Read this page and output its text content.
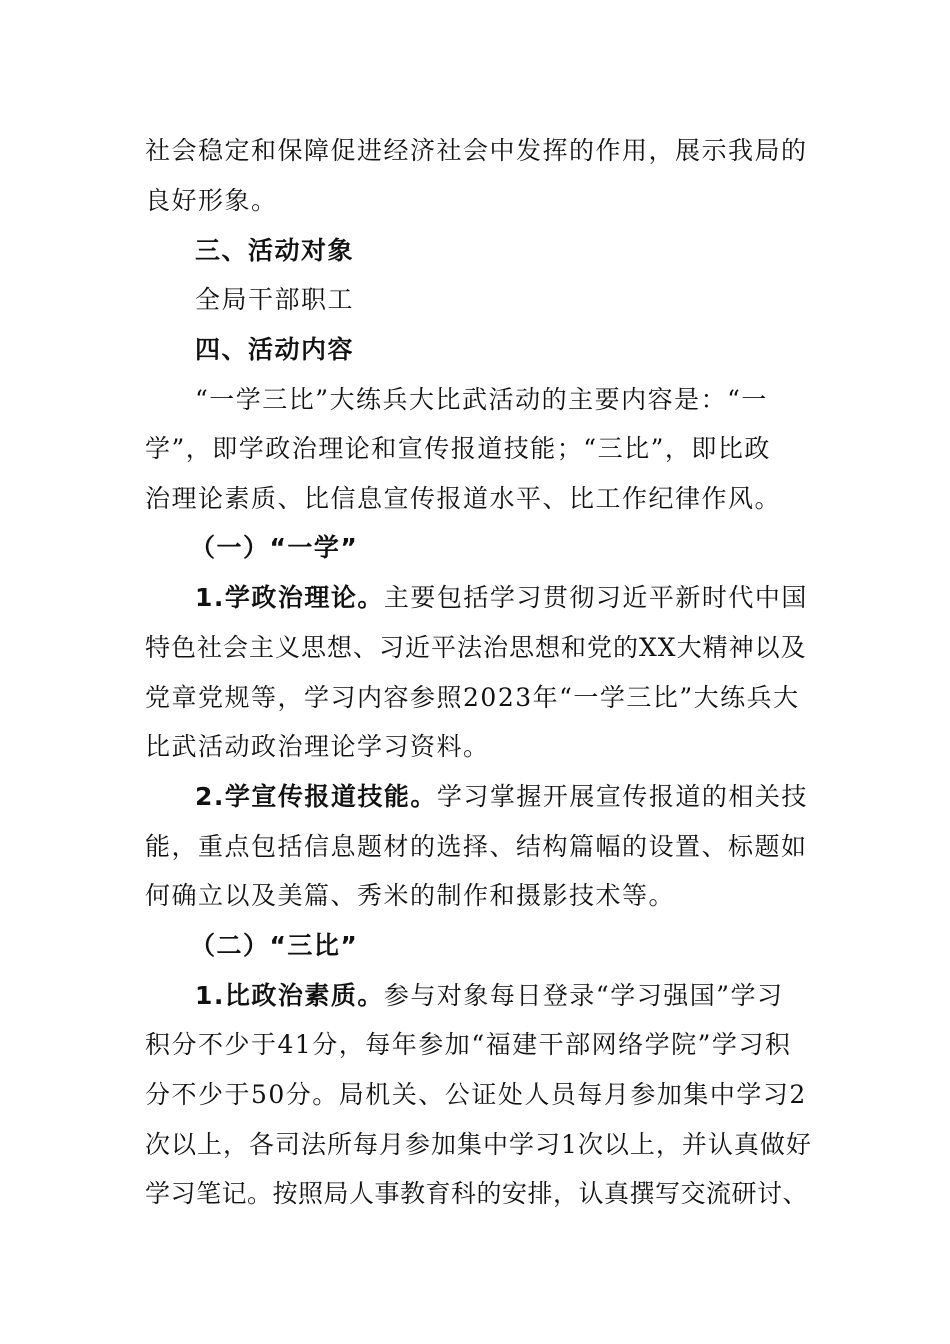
社会稳定和保障促进经济社会中发挥的作用，展示我局的
良好形象。
三、活动对象
全局干部职工
四、活动内容
“一学三比”大练兵大比武活动的主要内容是：“一
学”，即学政治理论和宣传报道技能；“三比”，即比政
治理论素质、比信息宣传报道水平、比工作纪律作风。
（一）“一学”
1.学政治理论。主要包括学习贯彻习近平新时代中国
特色社会主义思想、习近平法治思想和党的XX大精神以及
党章党规等，学习内容参照2023年“一学三比”大练兵大
比武活动政治理论学习资料。
2.学宣传报道技能。学习掌握开展宣传报道的相关技
能，重点包括信息题材的选择、结构篇幅的设置、标题如
何确立以及美篇、秀米的制作和摄影技术等。
（二）“三比”
1.比政治素质。参与对象每日登录“学习强国”学习
积分不少于41分，每年参加“福建干部网络学院”学习积
分不少于50分。局机关、公证处人员每月参加集中学习2
次以上，各司法所每月参加集中学习1次以上，并认真做好
学习笔记。按照局人事教育科的安排，认真撰写交流研讨、
